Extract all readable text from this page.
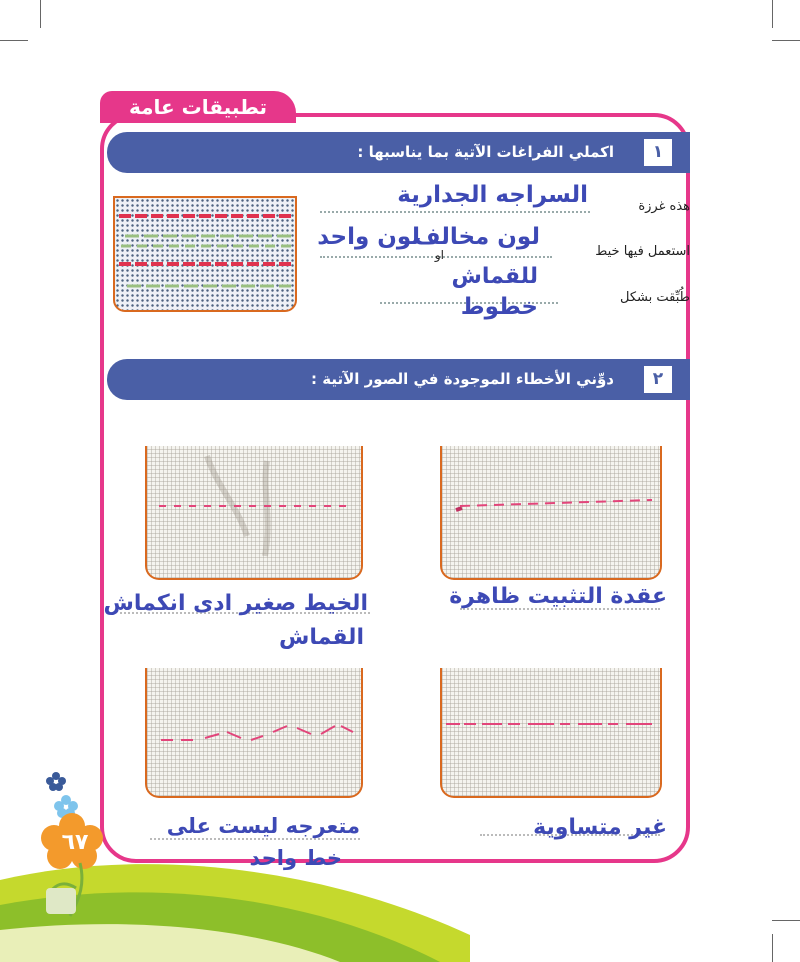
تطبيقات عامة
اكملي الفراغات الآتية بما يناسبها :	١
هذه غرزة
السراجه الجدارية
استعمل فيها خيط
لون مخالف
او
لون واحد
للقماش
طُبِّقت بشكل
خطوط
دوِّني الأخطاء الموجودة في الصور الآتية :	٢
عقدة التثبيت ظاهرة
الخيط صغير ادى انكماش
القماش
غير متساوية
متعرجه ليست على
خط واحد
٦٧
